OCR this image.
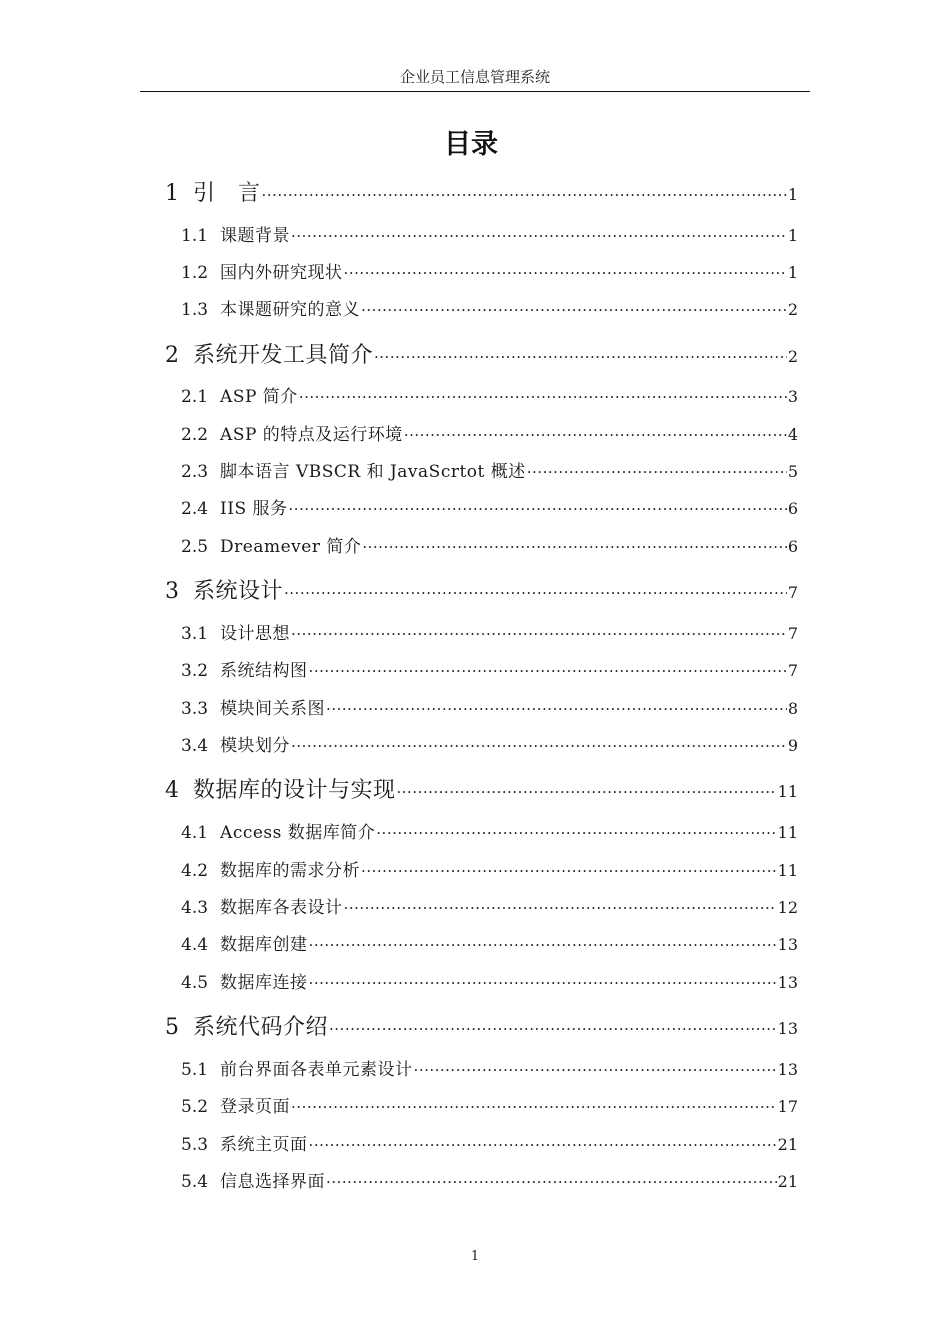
企业员工信息管理系统
目录
1 引　言 ·····	1
1.1 课题背景 ·····	1
1.2 国内外研究现状 ·····	1
1.3 本课题研究的意义 ·····	2
2 系统开发工具简介 ·····	2
2.1 ASP 简介 ·····	3
2.2 ASP 的特点及运行环境 ·····	4
2.3 脚本语言 VBSCR 和 JavaScrtot 概述 ·····	5
2.4 IIS 服务 ·····	6
2.5 Dreamever 简介 ·····	6
3 系统设计 ·····	7
3.1 设计思想 ·····	7
3.2 系统结构图 ·····	7
3.3 模块间关系图 ·····	8
3.4 模块划分 ·····	9
4 数据库的设计与实现 ·····	11
4.1 Access 数据库简介 ·····	11
4.2 数据库的需求分析 ·····	11
4.3 数据库各表设计 ·····	12
4.4 数据库创建 ·····	13
4.5 数据库连接 ·····	13
5 系统代码介绍 ·····	13
5.1 前台界面各表单元素设计 ·····	13
5.2 登录页面 ·····	17
5.3 系统主页面 ·····	21
5.4 信息选择界面 ·····	21
1
